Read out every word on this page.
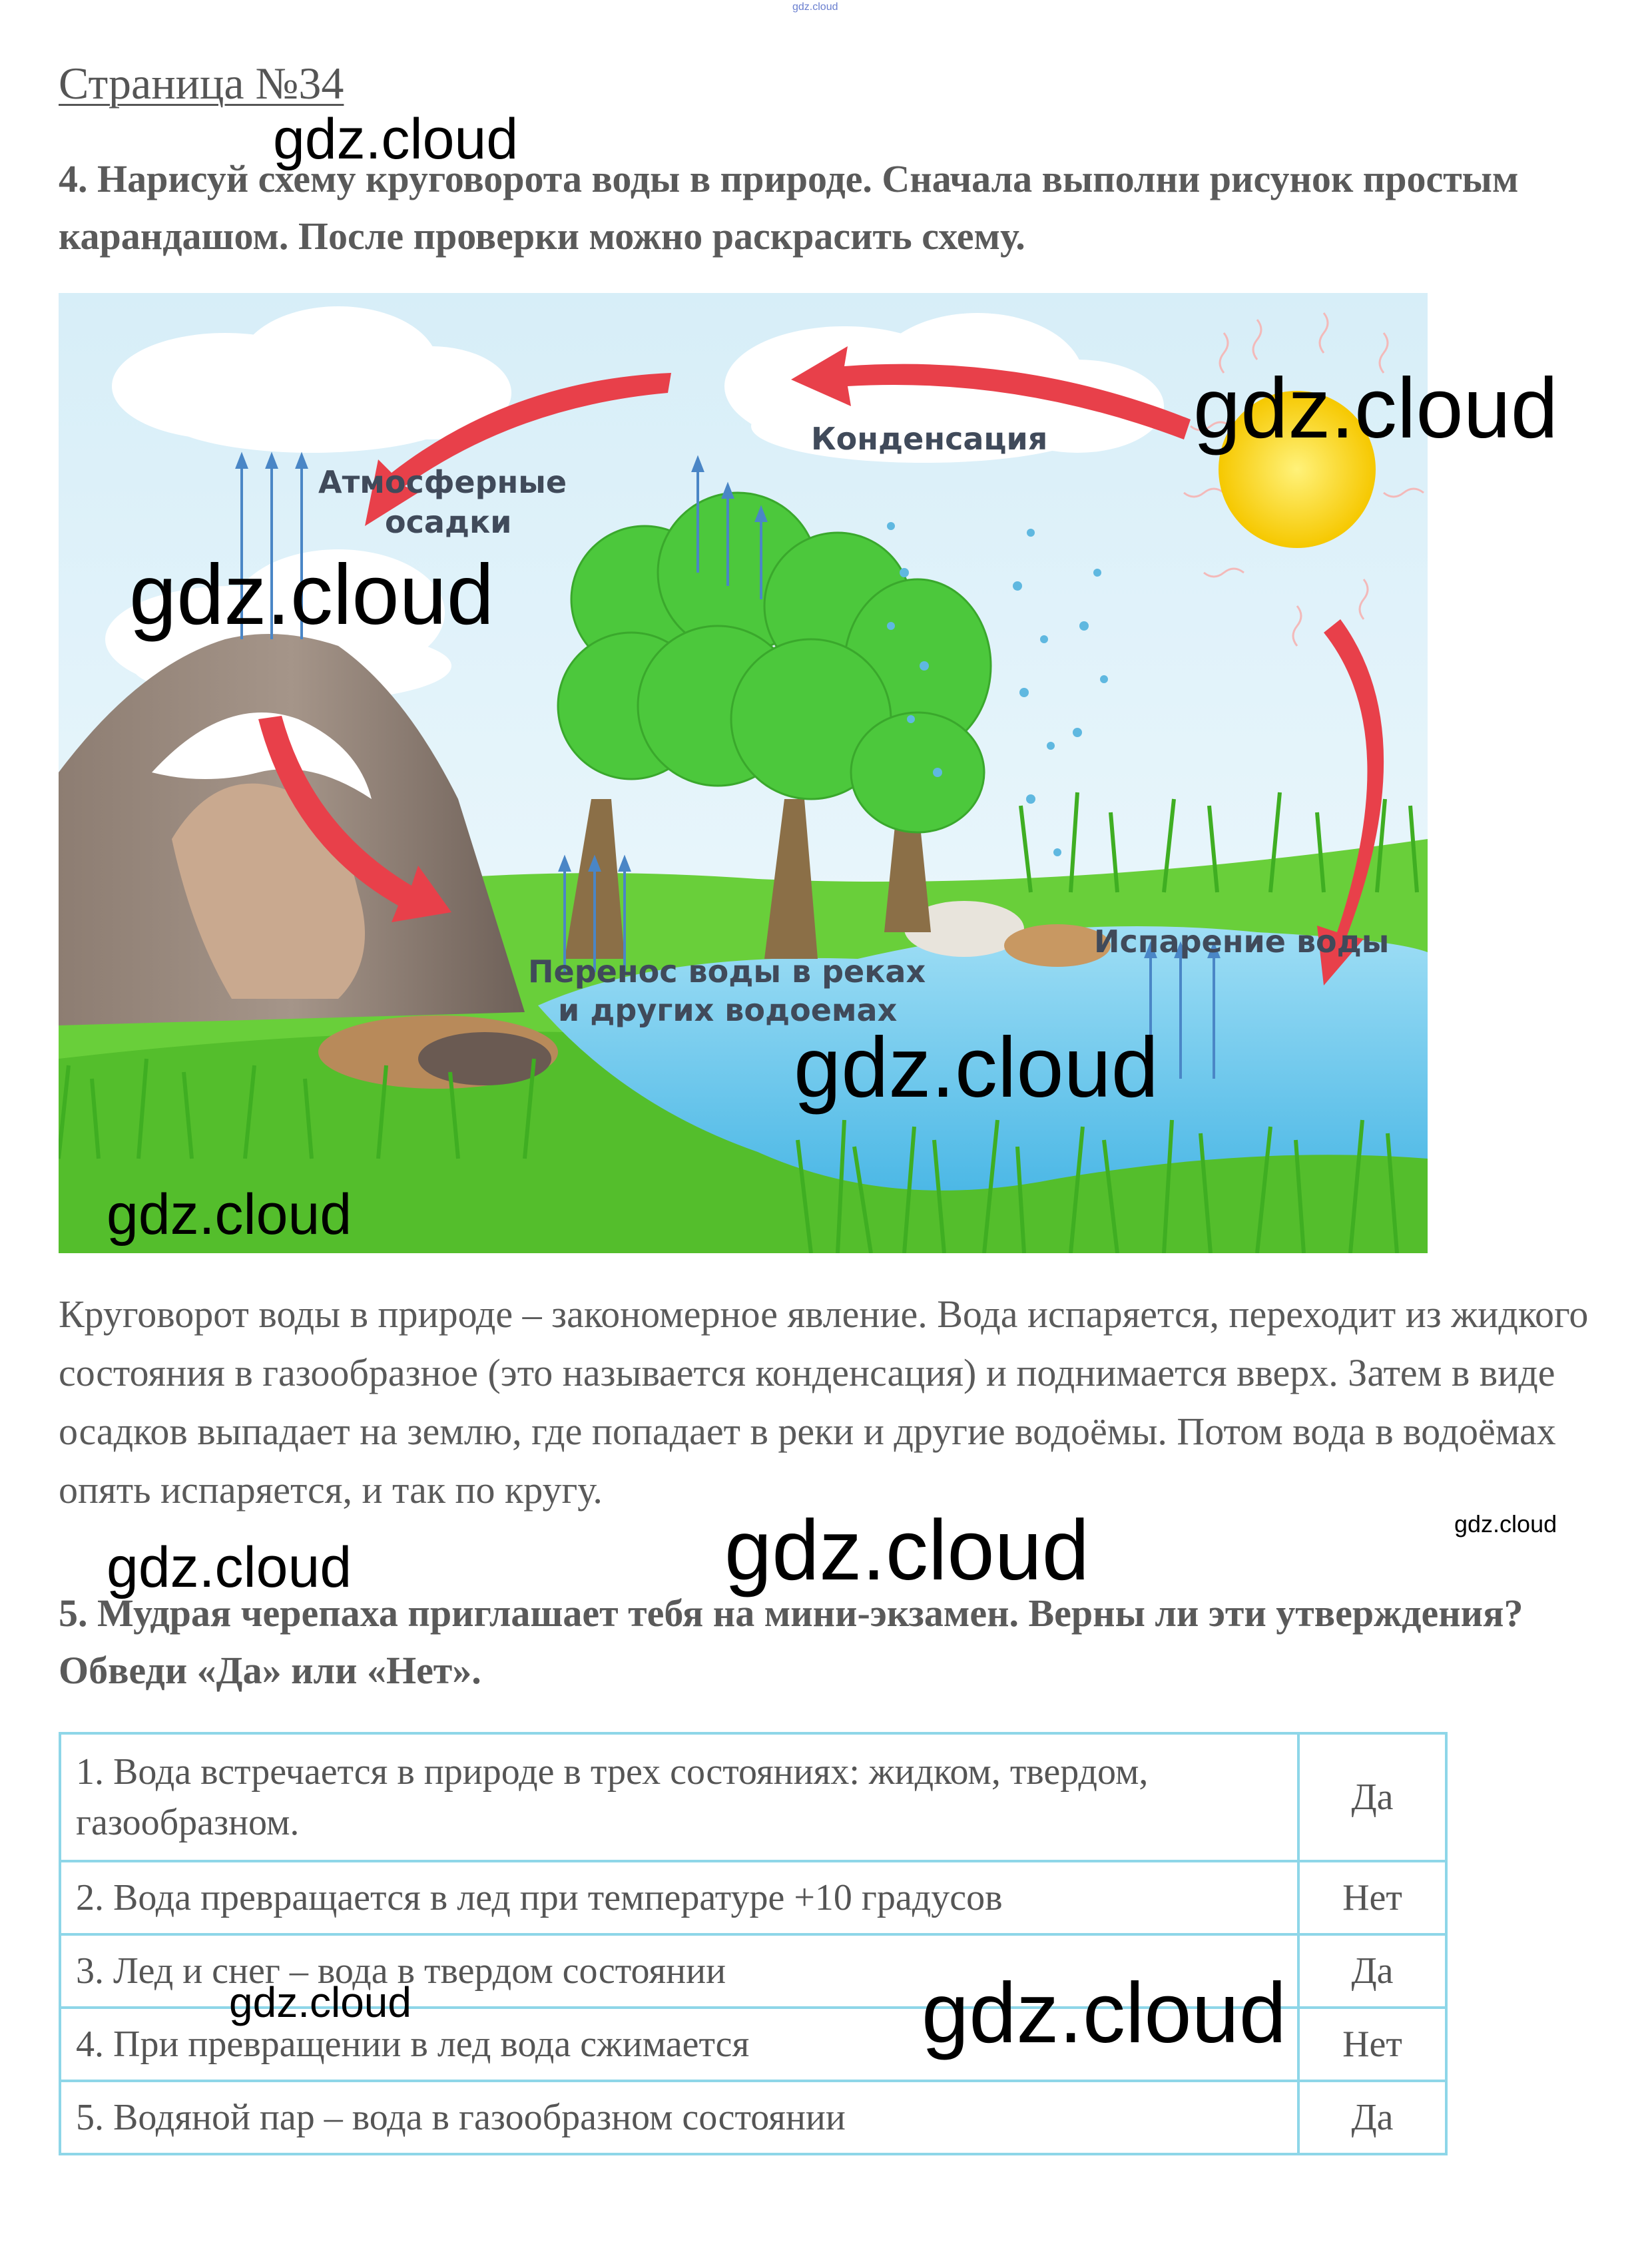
gdz.cloud
Страница №34

4. Нарисуй схему круговорота воды в природе. Сначала выполни рисунок простым карандашом. После проверки можно раскрасить схему.

Конденсация
Атмосферные
осадки
Перенос воды в реках
и других водоемах
Испарение воды

Круговорот воды в природе – закономерное явление. Вода испаряется, переходит из жидкого состояния в газообразное (это называется конденсация) и поднимается вверх. Затем в виде осадков выпадает на землю, где попадает в реки и другие водоёмы. Потом вода в водоёмах опять испаряется, и так по кругу.

5. Мудрая черепаха приглашает тебя на мини-экзамен. Верны ли эти утверждения? Обведи «Да» или «Нет».

1. Вода встречается в природе в трех состояниях: жидком, твердом, газообразном.	Да
2. Вода превращается в лед при температуре +10 градусов	Нет
3. Лед и снег – вода в твердом состоянии	Да
4. При превращении в лед вода сжимается	Нет
5. Водяной пар – вода в газообразном состоянии	Да
gdz.cloud
gdz.cloud
gdz.cloud
gdz.cloud
gdz.cloud
gdz.cloud	gdz.cloud
gdz.cloud
gdz.cloud	gdz.cloud
